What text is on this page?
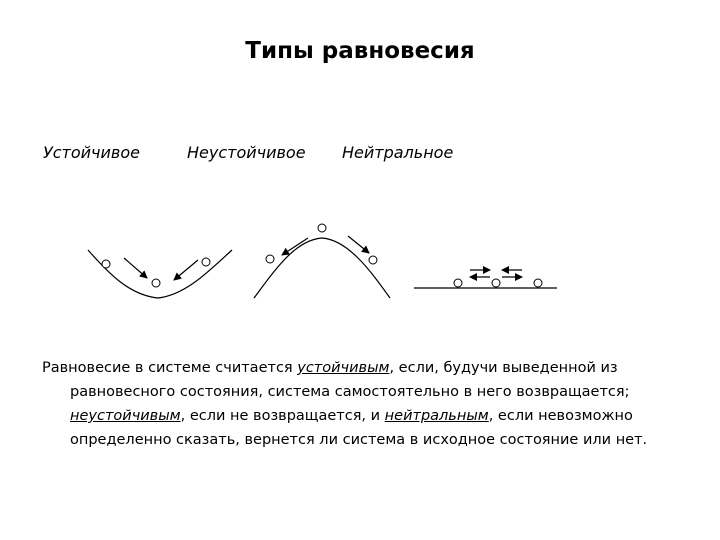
Типы равновесия
Устойчивое	Неустойчивое Нейтральное
Равновесие в системе считается устойчивым, если, будучи выведенной из равновесного состояния, система самостоятельно в него возвращается; неустойчивым, если не возвращается, и нейтральным, если невозможно определенно сказать, вернется ли система в исходное состояние или нет.
